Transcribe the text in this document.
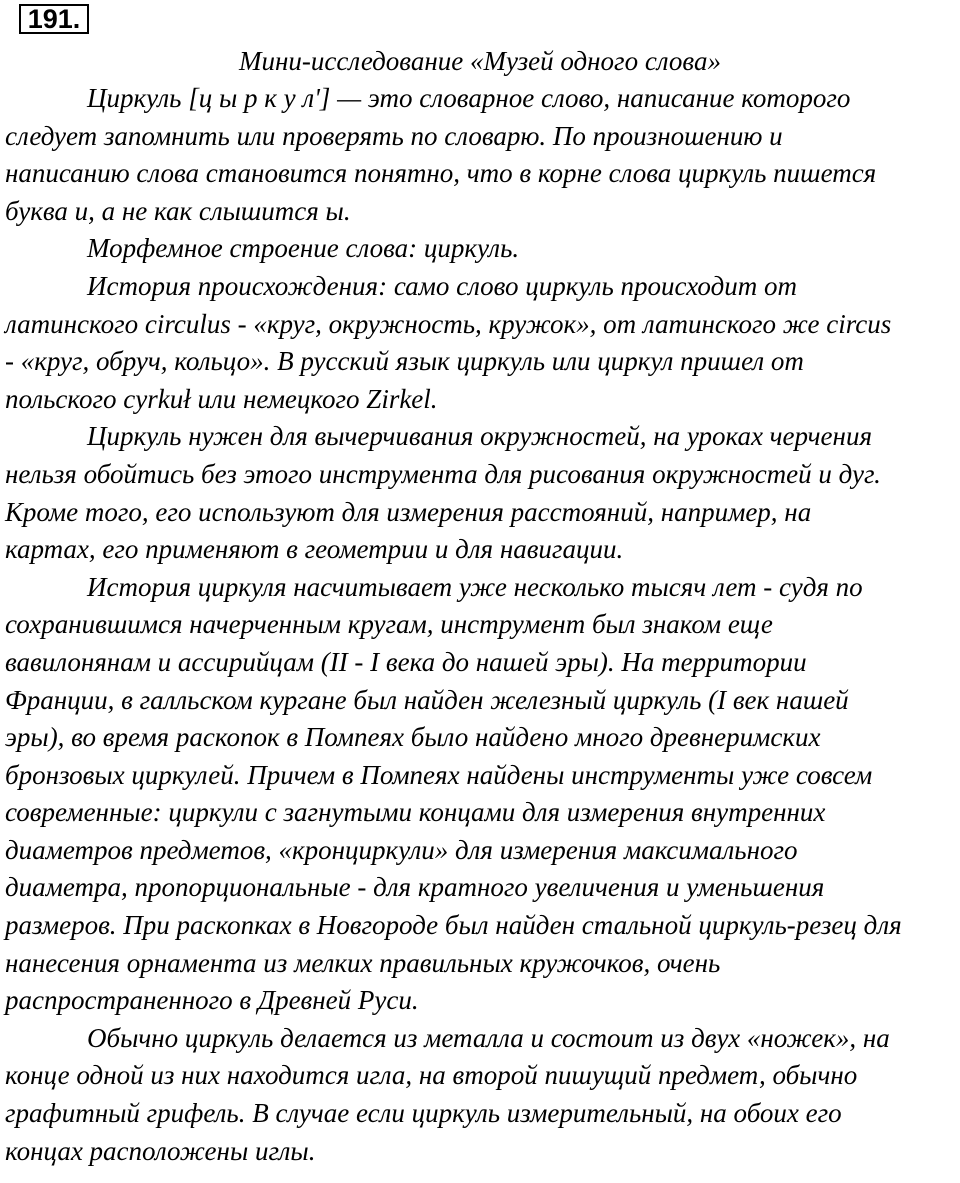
191.
Мини-исследование «Музей одного слова»
Циркуль [ц ы р к у л'] — это словарное слово, написание которого
следует запомнить или проверять по словарю. По произношению и
написанию слова становится понятно, что в корне слова циркуль пишется
буква и, а не как слышится ы.
Морфемное строение слова: циркуль.
История происхождения: само слово циркуль происходит от
латинского circulus - «круг, окружность, кружок», от латинского же circus
- «круг, обруч, кольцо». В русский язык циркуль или циркул пришел от
польского cyrkuł или немецкого Zirkel.
Циркуль нужен для вычерчивания окружностей, на уроках черчения
нельзя обойтись без этого инструмента для рисования окружностей и дуг.
Кроме того, его используют для измерения расстояний, например, на
картах, его применяют в геометрии и для навигации.
История циркуля насчитывает уже несколько тысяч лет - судя по
сохранившимся начерченным кругам, инструмент был знаком еще
вавилонянам и ассирийцам (II - I века до нашей эры). На территории
Франции, в галльском кургане был найден железный циркуль (I век нашей
эры), во время раскопок в Помпеях было найдено много древнеримских
бронзовых циркулей. Причем в Помпеях найдены инструменты уже совсем
современные: циркули с загнутыми концами для измерения внутренних
диаметров предметов, «кронциркули» для измерения максимального
диаметра, пропорциональные - для кратного увеличения и уменьшения
размеров. При раскопках в Новгороде был найден стальной циркуль-резец для
нанесения орнамента из мелких правильных кружочков, очень
распространенного в Древней Руси.
Обычно циркуль делается из металла и состоит из двух «ножек», на
конце одной из них находится игла, на второй пишущий предмет, обычно
графитный грифель. В случае если циркуль измерительный, на обоих его
концах расположены иглы.
